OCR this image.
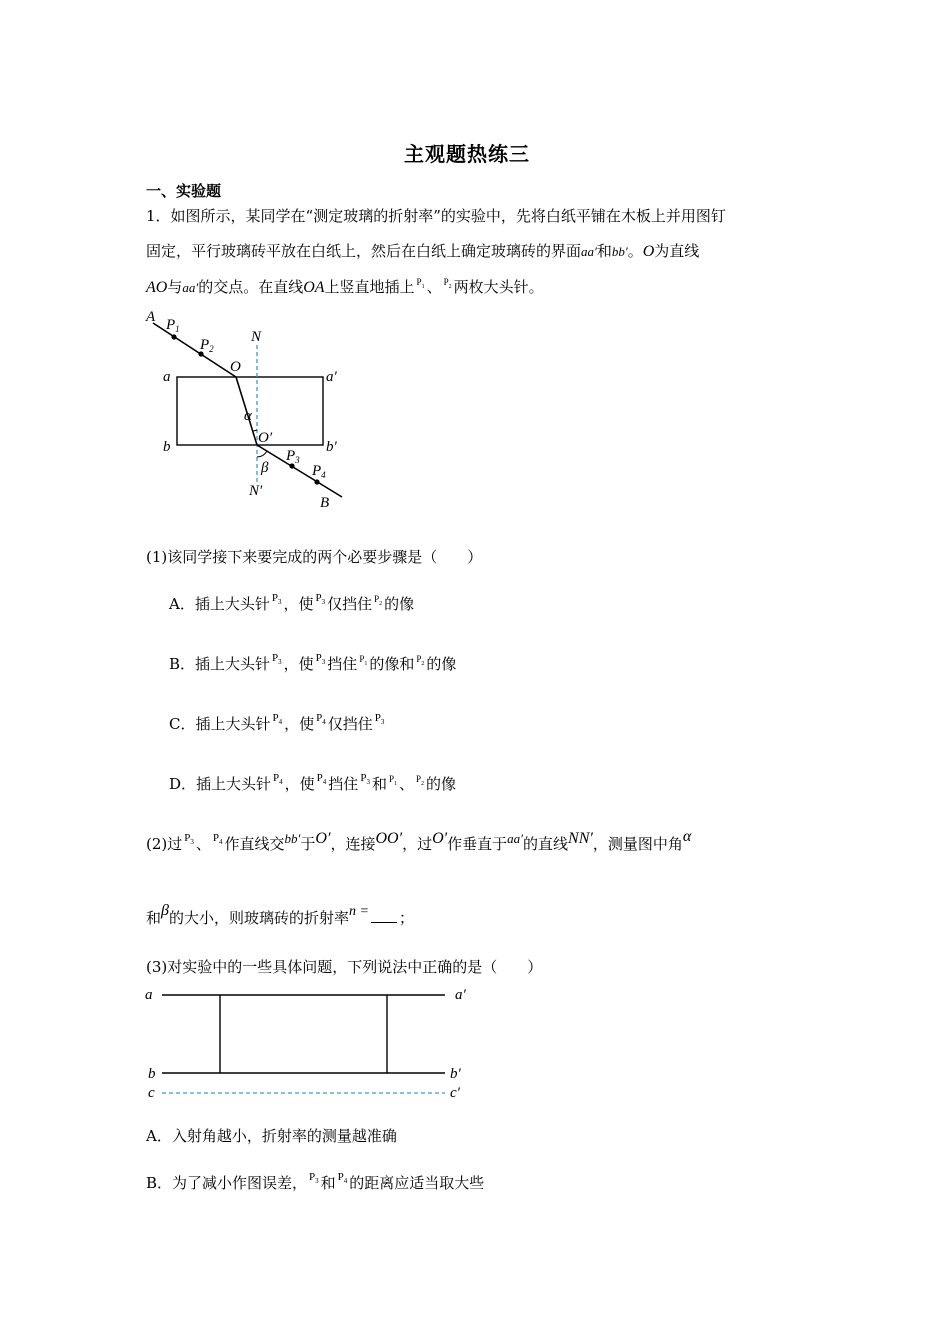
主观题热练三
一、实验题
1．如图所示，某同学在“测定玻璃的折射率”的实验中，先将白纸平铺在木板上并用图钉
固定，平行玻璃砖平放在白纸上，然后在白纸上确定玻璃砖的界面aa′和bb′。O为直线
AO与aa′的交点。在直线OA上竖直地插上 $^{P_1}$ 、 $^{P_2}$ 两枚大头针。
A $P_1$
$P_2$
O
N
a	a′
α
b
O′
b′
$P_3$
β	$P_4$
N′
B
(1)该同学接下来要完成的两个必要步骤是（　　）
A．插上大头针 $^{P_3}$ ，使 $^{P_3}$ 仅挡住 $^{P_2}$ 的像
B．插上大头针 $^{P_3}$ ，使 $^{P_3}$ 挡住 $^{P_1}$ 的像和 $^{P_2}$ 的像
C．插上大头针 $^{P_4}$ ，使 $^{P_4}$ 仅挡住 $^{P_3}$
D．插上大头针 $^{P_4}$ ，使 $^{P_4}$ 挡住 $^{P_3}$ 和 $^{P_1}$ 、 $^{P_2}$ 的像
(2)过 $^{P_3}$ 、 $^{P_4}$ 作直线交bb′于O′，连接OO′，过O′作垂直于aa′的直线NN′，测量图中角α
和β的大小，则玻璃砖的折射率n = ；
(3)对实验中的一些具体问题，下列说法中正确的是（　　）
a	a′
b	b′
c	c′
A．入射角越小，折射率的测量越准确
B．为了减小作图误差， $^{P_3}$ 和 $^{P_4}$ 的距离应适当取大些
